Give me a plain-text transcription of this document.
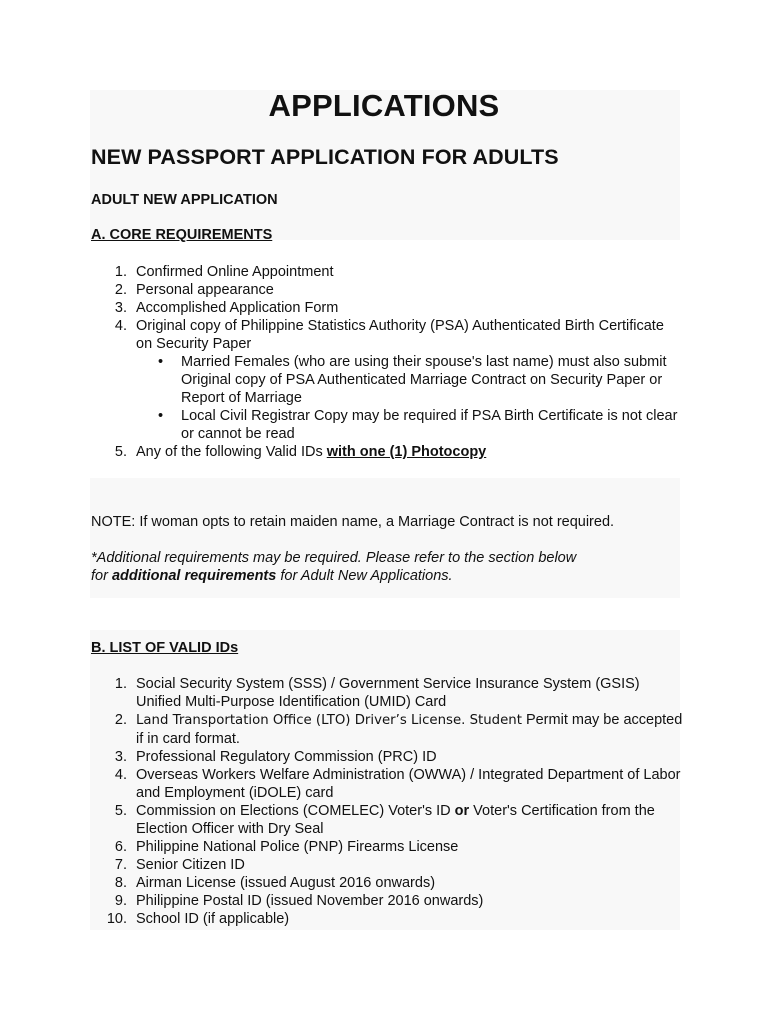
APPLICATIONS
NEW PASSPORT APPLICATION FOR ADULTS
ADULT NEW APPLICATION
A. CORE REQUIREMENTS
1. Confirmed Online Appointment
2. Personal appearance
3. Accomplished Application Form
4. Original copy of Philippine Statistics Authority (PSA) Authenticated Birth Certificate on Security Paper
• Married Females (who are using their spouse's last name) must also submit Original copy of PSA Authenticated Marriage Contract on Security Paper or Report of Marriage
• Local Civil Registrar Copy may be required if PSA Birth Certificate is not clear or cannot be read
5. Any of the following Valid IDs with one (1) Photocopy
NOTE: If woman opts to retain maiden name, a Marriage Contract is not required.
*Additional requirements may be required. Please refer to the section below
for additional requirements for Adult New Applications.
B. LIST OF VALID IDs
1. Social Security System (SSS) / Government Service Insurance System (GSIS) Unified Multi-Purpose Identification (UMID) Card
2. Land Transportation Office (LTO) Driver’s License. Student Permit may be accepted if in card format.
3. Professional Regulatory Commission (PRC) ID
4. Overseas Workers Welfare Administration (OWWA) / Integrated Department of Labor and Employment (iDOLE) card
5. Commission on Elections (COMELEC) Voter's ID or Voter's Certification from the Election Officer with Dry Seal
6. Philippine National Police (PNP) Firearms License
7. Senior Citizen ID
8. Airman License (issued August 2016 onwards)
9. Philippine Postal ID (issued November 2016 onwards)
10. School ID (if applicable)
